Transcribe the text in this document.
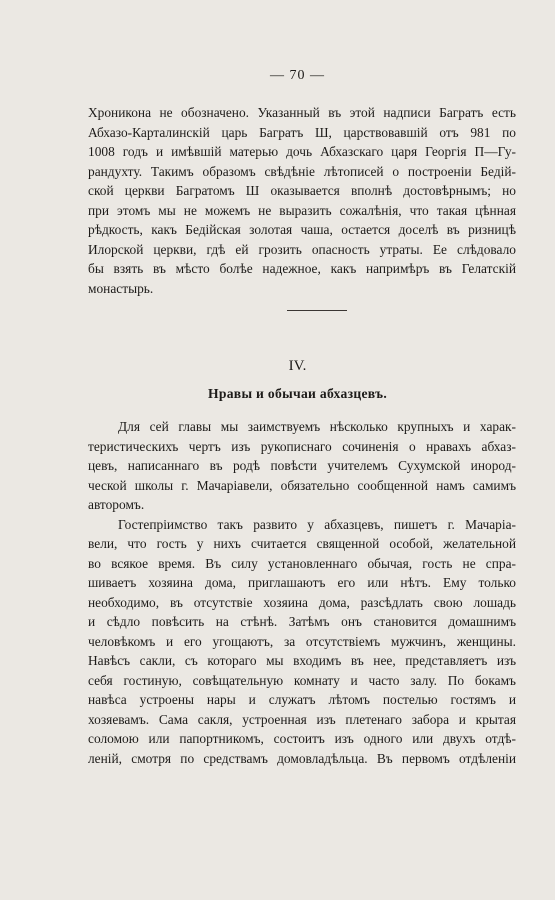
— 70 —
Хроникона не обозначено. Указанный въ этой надписи Багратъ есть
Абхазо-Карталинскій царь Багратъ Ш, царствовавшій отъ 981 по
1008 годъ и имѣвшій матерью дочь Абхазскаго царя Георгія П—Гу-
рандухту. Такимъ образомъ свѣдѣніе лѣтописей о построеніи Бедій-
ской церкви Багратомъ Ш оказывается вполнѣ достовѣрнымъ; но
при этомъ мы не можемъ не выразить сожалѣнія, что такая цѣнная
рѣдкость, какъ Бедійская золотая чаша, остается доселѣ въ ризницѣ
Илорской церкви, гдѣ ей грозить опасность утраты. Ее слѣдовало
бы взять въ мѣсто болѣе надежное, какъ напримѣръ въ Гелатскій
монастырь.
IV.
Нравы и обычаи абхазцевъ.
Для сей главы мы заимствуемъ нѣсколько крупныхъ и харак-
теристическихъ чертъ изъ рукописнаго сочиненія о нравахъ абхаз-
цевъ, написаннаго въ родѣ повѣсти учителемъ Сухумской инород-
ческой школы г. Мачаріавели, обязательно сообщенной намъ самимъ
авторомъ.
Гостепріимство такъ развито у абхазцевъ, пишетъ г. Мачаріа-
вели, что гость у нихъ считается священной особой, желательной
во всякое время. Въ силу установленнаго обычая, гость не спра-
шиваетъ хозяина дома, приглашаютъ его или нѣтъ. Ему только
необходимо, въ отсутствіе хозяина дома, разсѣдлать свою лошадь
и сѣдло повѣсить на стѣнѣ. Затѣмъ онъ становится домашнимъ
человѣкомъ и его угощаютъ, за отсутствіемъ мужчинъ, женщины.
Навѣсъ сакли, съ котораго мы входимъ въ нее, представляетъ изъ
себя гостиную, совѣщательную комнату и часто залу. По бокамъ
навѣса устроены нары и служатъ лѣтомъ постелью гостямъ и
хозяевамъ. Сама сакля, устроенная изъ плетенаго забора и крытая
соломою или папортникомъ, состоитъ изъ одного или двухъ отдѣ-
леній, смотря по средствамъ домовладѣльца. Въ первомъ отдѣленіи
